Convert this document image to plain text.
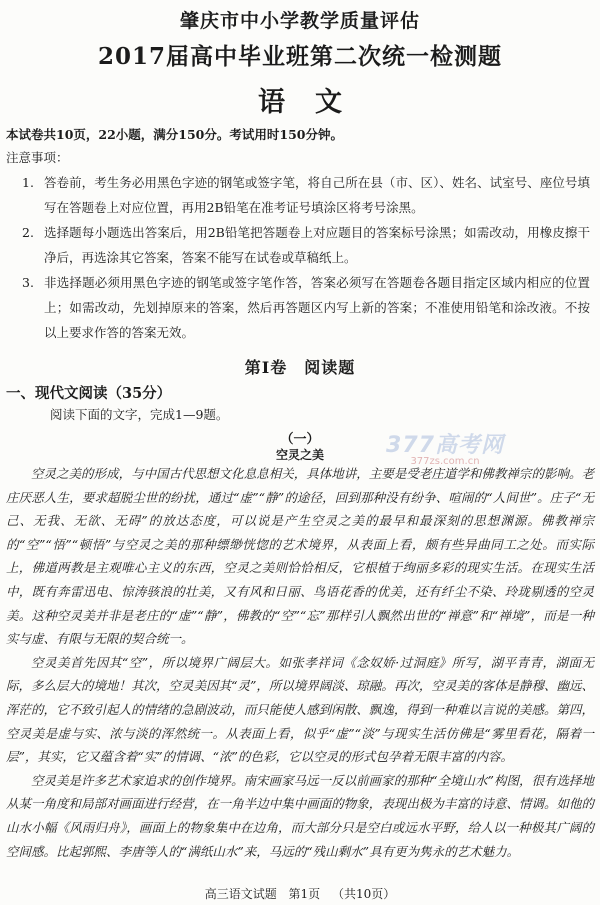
肇庆市中小学教学质量评估
2017届高中毕业班第二次统一检测题
语文
本试卷共10页，22小题，满分150分。考试用时150分钟。
注意事项：
1. 答卷前，考生务必用黑色字迹的钢笔或签字笔，将自己所在县（市、区）、姓名、试室号、座位号填写在答题卷上对应位置，再用2B铅笔在准考证号填涂区将考号涂黑。
2. 选择题每小题选出答案后，用2B铅笔把答题卷上对应题目的答案标号涂黑；如需改动，用橡皮擦干净后，再选涂其它答案，答案不能写在试卷或草稿纸上。
3. 非选择题必须用黑色字迹的钢笔或签字笔作答，答案必须写在答题卷各题目指定区域内相应的位置上；如需改动，先划掉原来的答案，然后再答题区内写上新的答案；不准使用铅笔和涂改液。不按以上要求作答的答案无效。
第Ⅰ卷　阅读题
一、现代文阅读（35分）
阅读下面的文字，完成1—9题。
377高考网
377zs.com.cn
（一）
空灵之美

空灵之美的形成，与中国古代思想文化息息相关，具体地讲，主要是受老庄道学和佛教禅宗的影响。老庄厌恶人生，要求超脱尘世的纷扰，通过“虚”“静”的途径，回到那种没有纷争、喧闹的“人间世”。庄子“无己、无我、无欲、无碍”的放达态度，可以说是产生空灵之美的最早和最深刻的思想渊源。佛教禅宗的“空”“悟”“顿悟”与空灵之美的那种缥缈恍惚的艺术境界，从表面上看，颇有些异曲同工之处。而实际上，佛道两教是主观唯心主义的东西，空灵之美则恰恰相反，它根植于绚丽多彩的现实生活。在现实生活中，既有奔雷迅电、惊涛骇浪的壮美，又有风和日丽、鸟语花香的优美，还有纤尘不染、玲珑剔透的空灵美。这种空灵美并非是老庄的“虚”“静”，佛教的“空”“忘”那样引人飘然出世的“禅意”和“禅境”，而是一种实与虚、有限与无限的契合统一。

空灵美首先因其“空”，所以境界广阔层大。如张孝祥词《念奴娇·过洞庭》所写，湖平青青，湖面无际，多么层大的境地！其次，空灵美因其“灵”，所以境界阔淡、琼融。再次，空灵美的客体是静穆、幽远、浑茫的，它不致引起人的情绪的急剧波动，而只能使人感到闲散、飘逸，得到一种难以言说的美感。第四，空灵美是虚与实、浓与淡的浑然统一。从表面上看，似乎“虚”“淡”与现实生活仿佛是“雾里看花，隔着一层”，其实，它又蕴含着“实”的情调、“浓”的色彩，它以空灵的形式包孕着无限丰富的内容。

空灵美是许多艺术家追求的创作境界。南宋画家马远一反以前画家的那种“全境山水”构图，很有选择地从某一角度和局部对画面进行经营，在一角半边中集中画面的物象，表现出极为丰富的诗意、情调。如他的山水小幅《风雨归舟》，画面上的物象集中在边角，而大部分只是空白或远水平野，给人以一种极其广阔的空间感。比起郭熙、李唐等人的“满纸山水”来，马远的“残山剩水”具有更为隽永的艺术魅力。

高三语文试题 第1页 （共10页）
